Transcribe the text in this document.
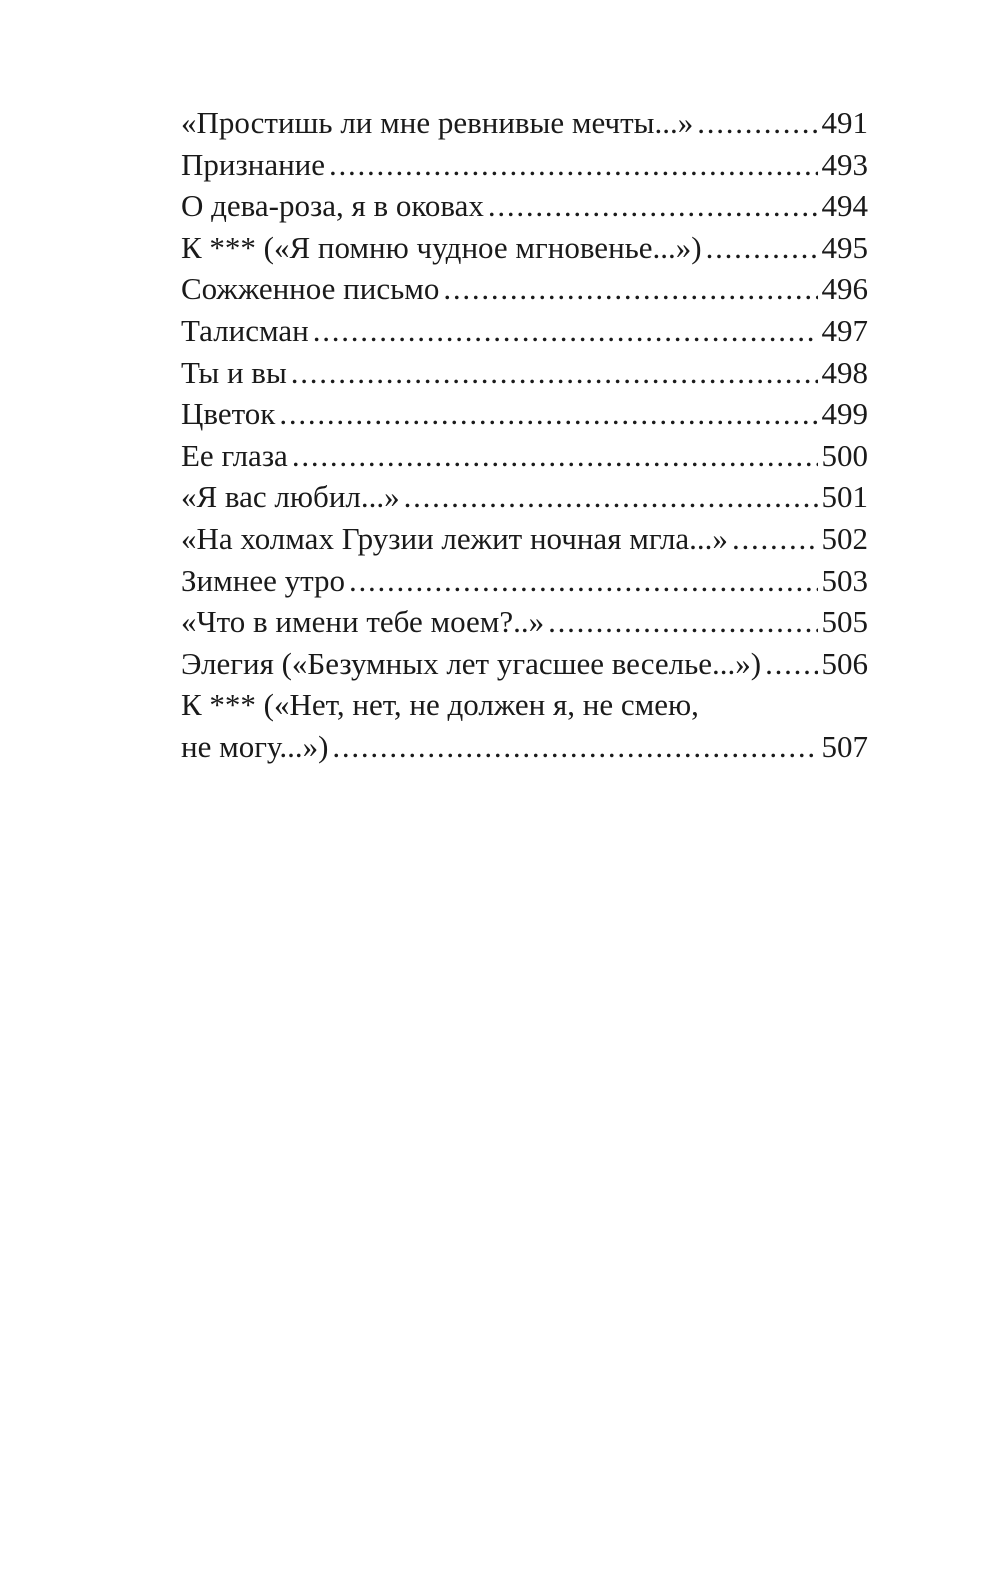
«Простишь ли мне ревнивые мечты...» . . .	491
Признание . . .	493
О дева-роза, я в оковах . . .	494
К *** («Я помню чудное мгновенье...») . . .	495
Сожженное письмо . . .	496
Талисман . . .	497
Ты и вы . . .	498
Цветок . . .	499
Ее глаза . . .	500
«Я вас любил...» . . .	501
«На холмах Грузии лежит ночная мгла...» . . .	502
Зимнее утро . . .	503
«Что в имени тебе моем?..» . . .	505
Элегия («Безумных лет угасшее веселье...») . . . 506
К *** («Нет, нет, не должен я, не смею,
не могу...») . . .	507
